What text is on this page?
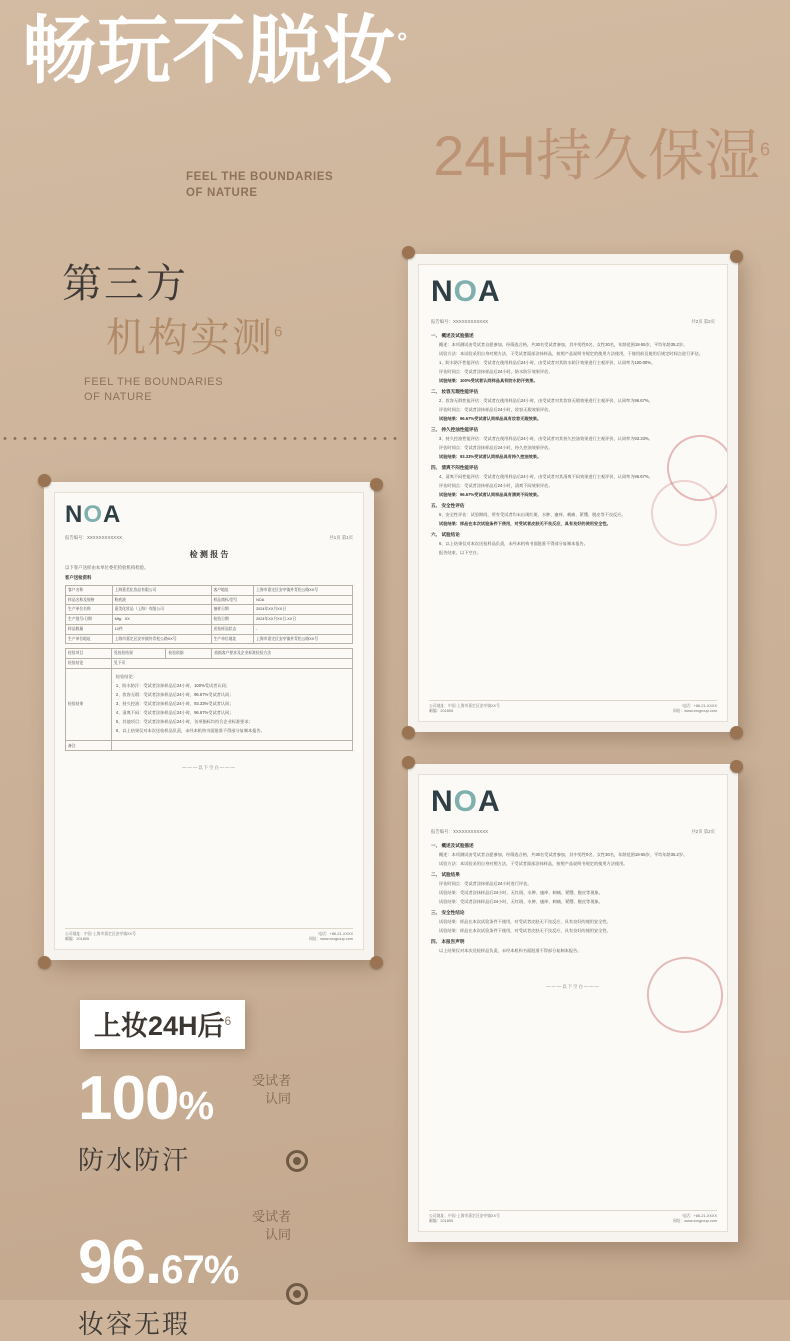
畅玩不脱妆°
FEEL THE BOUNDARIES
OF NATURE
24H持久保湿$^6$
第三方
机构实测$^6$
FEEL THE BOUNDARIES
OF NATURE
NOA
报告编号：XXXXXXXXXXXX	共1页 第1页
检 测 报 告
以下客户送样由本单位委托检验机构检验。
客户送检资料
客户名称	上海嘉美化妆品有限公司	客户地址	上海市嘉定区安亭镇外青松公路XX号
样品名称及规格	粉底液	样品商标/型号	NOA
生产单位名称	嘉美化妆品（上海）有限公司	抽样日期	2024年XX月XX日
生产批号/日期	Mfg：XX	检验日期	2024年XX月XX日-XX日
样品数量	10件	送检样品状态	-
生产单位地址	上海市嘉定区安亭镇外青松公路XX号	生产单位地址	上海市嘉定区安亭镇外青松公路XX号
检验项目	见检验结果	检验依据	依据客户要求及企业标准检验方法
检验结论	见下页		
检验结果	
检验结论：
1、防水防汗：受试者涂抹样品后24小时，100%受试者认同；
2、妆容无瑕：受试者涂抹样品后24小时，96.67%受试者认同；
3、持久控油：受试者涂抹样品后24小时，93.33%受试者认同；
4、清爽不闷：受试者涂抹样品后24小时，96.67%受试者认同；
5、其他项目：受试者涂抹样品后24小时，各项指标均符合企业标准要求；
6、以上结果仅对本次送检样品负责，未经本机构书面批准不得部分复制本报告。

备注			
———以下空白———
公司地址：中国·上海市嘉定区安亭镇XX号
邮编：201805
电话：+86-21-XXXX
网址：www.xxxgroup.com
NOA
报告编号：XXXXXXXXXXXX	共2页 第2页
一、 概述及试验描述
概述：本项测试由受试者自愿参加，经筛选合格，共30名受试者参加，其中男性0名，女性30名，年龄范围18-55岁，平均年龄35.2岁。
试验方法：本试验采用自身对照方法，于受试者面部涂抹样品，按照产品说明书规定的使用方法使用，于使用前及使用后规定时间点进行评估。
1、防水防汗性能评估：受试者在使用样品后24小时，由受试者对其防水防汗效果进行主观评价，认同率为100.00%。
评估时间点：受试者涂抹样品后24小时，防水防汗效果评估。
试验结果：100%受试者认同样品具有防水防汗效果。
二、 妆容无瑕性能评估
2、妆容无瑕性能评估：受试者在使用样品后24小时，由受试者对其妆容无瑕效果进行主观评价，认同率为96.67%。
评估时间点：受试者涂抹样品后24小时，妆容无瑕效果评估。
试验结果：96.67%受试者认同样品具有妆容无瑕效果。
三、 持久控油性能评估
3、持久控油性能评估：受试者在使用样品后24小时，由受试者对其持久控油效果进行主观评价，认同率为93.33%。
评估时间点：受试者涂抹样品后24小时，持久控油效果评估。
试验结果：93.33%受试者认同样品具有持久控油效果。
四、 清爽不闷性能评估
4、清爽不闷性能评估：受试者在使用样品后24小时，由受试者对其清爽不闷效果进行主观评价，认同率为96.67%。
评估时间点：受试者涂抹样品后24小时，清爽不闷效果评估。
试验结果：96.67%受试者认同样品具有清爽不闷效果。
五、 安全性评估
5、安全性评估：试验期间，所有受试者均未出现红斑、水肿、瘙痒、刺痛、紧绷、脱皮等不良反应。
试验结果：样品在本次试验条件下使用，对受试者皮肤无不良反应，具有良好的使用安全性。
六、 试验结论
6、以上结果仅对本次送检样品负责，未经本机构书面批准不得部分复制本报告。
报告结束，以下空白。
公司地址：中国·上海市嘉定区安亭镇XX号
邮编：201805
电话：+86-21-XXXX
网址：www.xxxgroup.com
NOA
报告编号：XXXXXXXXXXXX	共2页 第2页
一、 概述及试验描述
概述：本项测试由受试者自愿参加，经筛选合格，共30名受试者参加，其中男性0名，女性30名，年龄范围18-55岁，平均年龄35.2岁。
试验方法：本试验采用自身对照方法，于受试者面部涂抹样品，按照产品说明书规定的使用方法使用。
二、 试验结果
评估时间点：受试者涂抹样品后24小时进行评估。
试验结果：受试者涂抹样品后24小时，无红斑、水肿、瘙痒、刺痛、紧绷、脱皮等现象。
试验结果：受试者涂抹样品后24小时，无红斑、水肿、瘙痒、刺痛、紧绷、脱皮等现象。
三、 安全性结论
试验结果：样品在本次试验条件下使用，对受试者皮肤无不良反应，具有良好的使用安全性。
试验结果：样品在本次试验条件下使用，对受试者皮肤无不良反应，具有良好的使用安全性。
四、 本报告声明
以上结果仅对本次送检样品负责，未经本机构书面批准不得部分复制本报告。
———以下空白———
公司地址：中国·上海市嘉定区安亭镇XX号
邮编：201805
电话：+86-21-XXXX
网址：www.xxxgroup.com
上妆24H后$^6$
100%
防水防汗
受试者
认同
96.67%
妆容无瑕
受试者
认同
